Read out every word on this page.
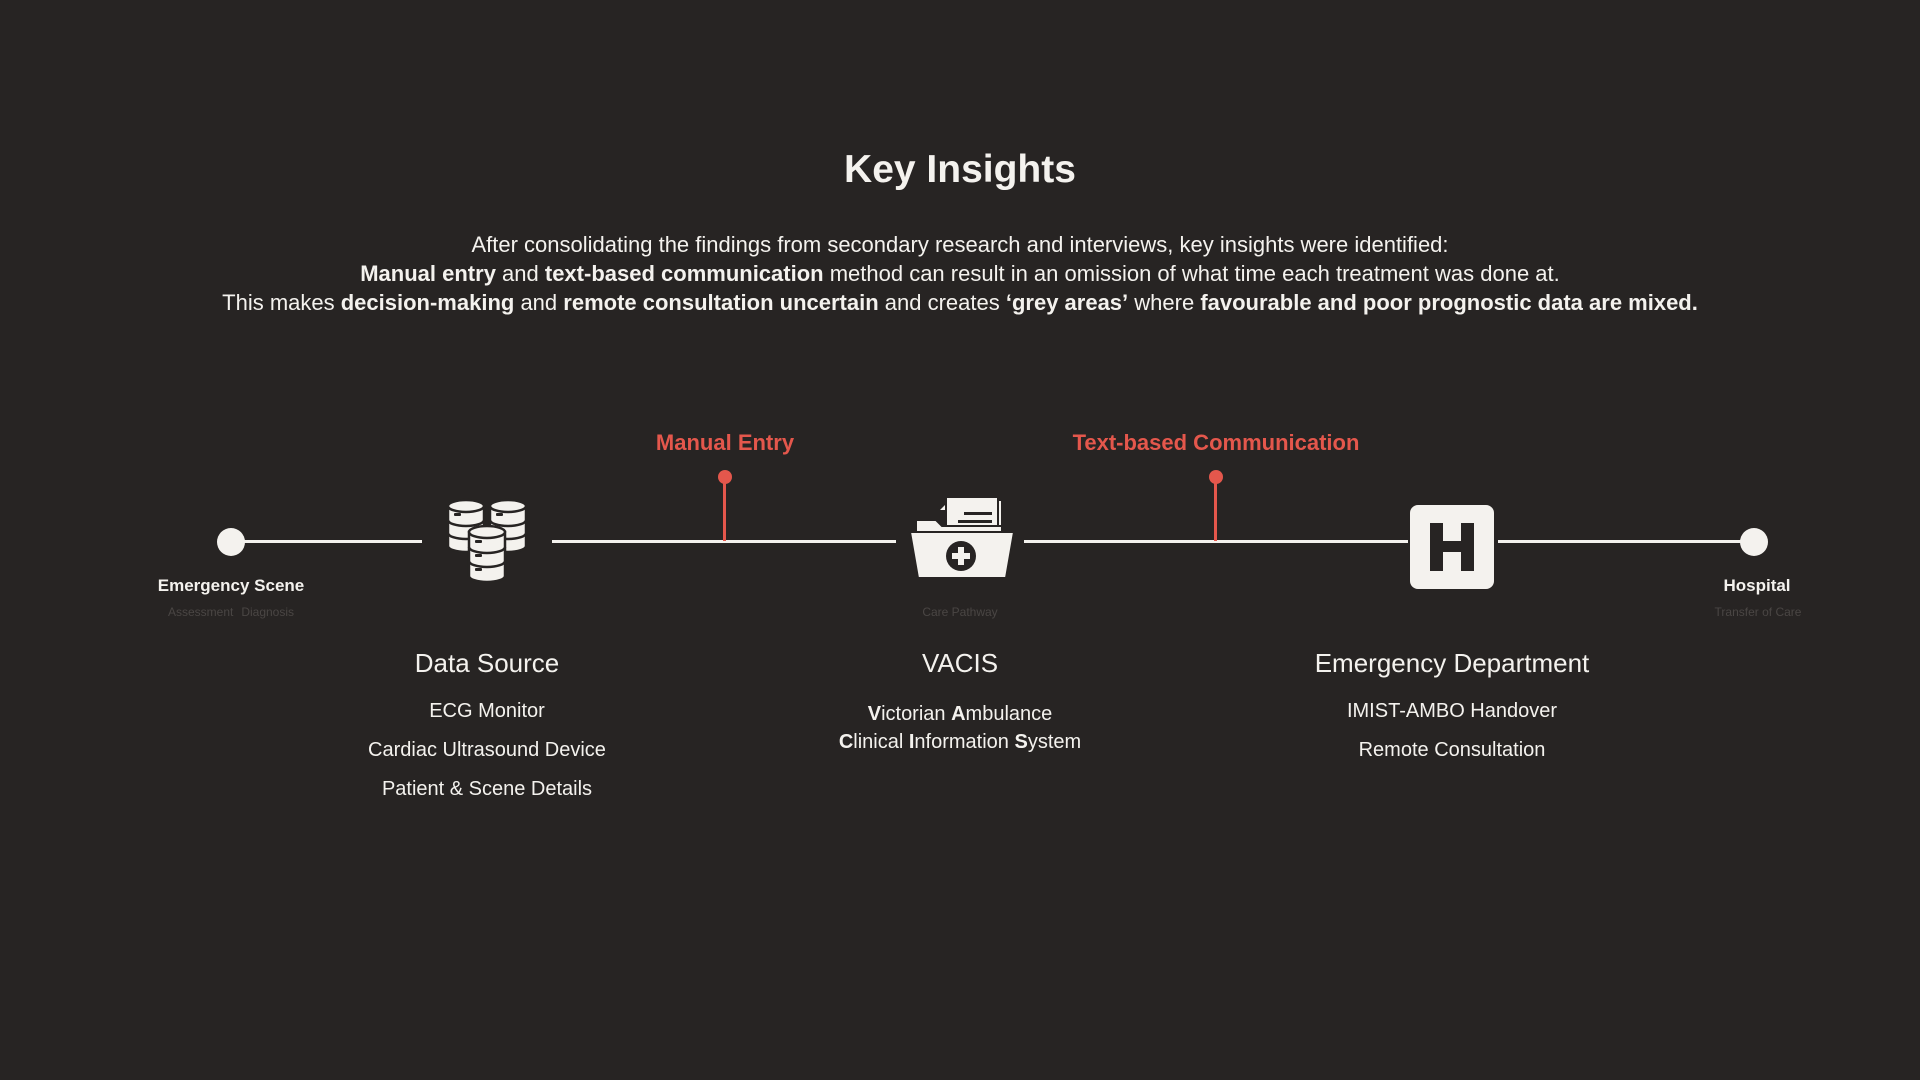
Key Insights

After consolidating the findings from secondary research and interviews, key insights were identified:

Manual entry and text-based communication method can result in an omission of what time each treatment was done at.

This makes decision-making and remote consultation uncertain and creates ‘grey areas’ where favourable and poor prognostic data are mixed.

Manual Entry	Text-based Communication
Emergency Scene
Assessment Diagnosis
Hospital
Transfer of Care
Care Pathway
Data Source
ECG Monitor
Cardiac Ultrasound Device
Patient & Scene Details
VACIS
Victorian Ambulance
Clinical Information System
Emergency Department
IMIST-AMBO Handover
Remote Consultation
